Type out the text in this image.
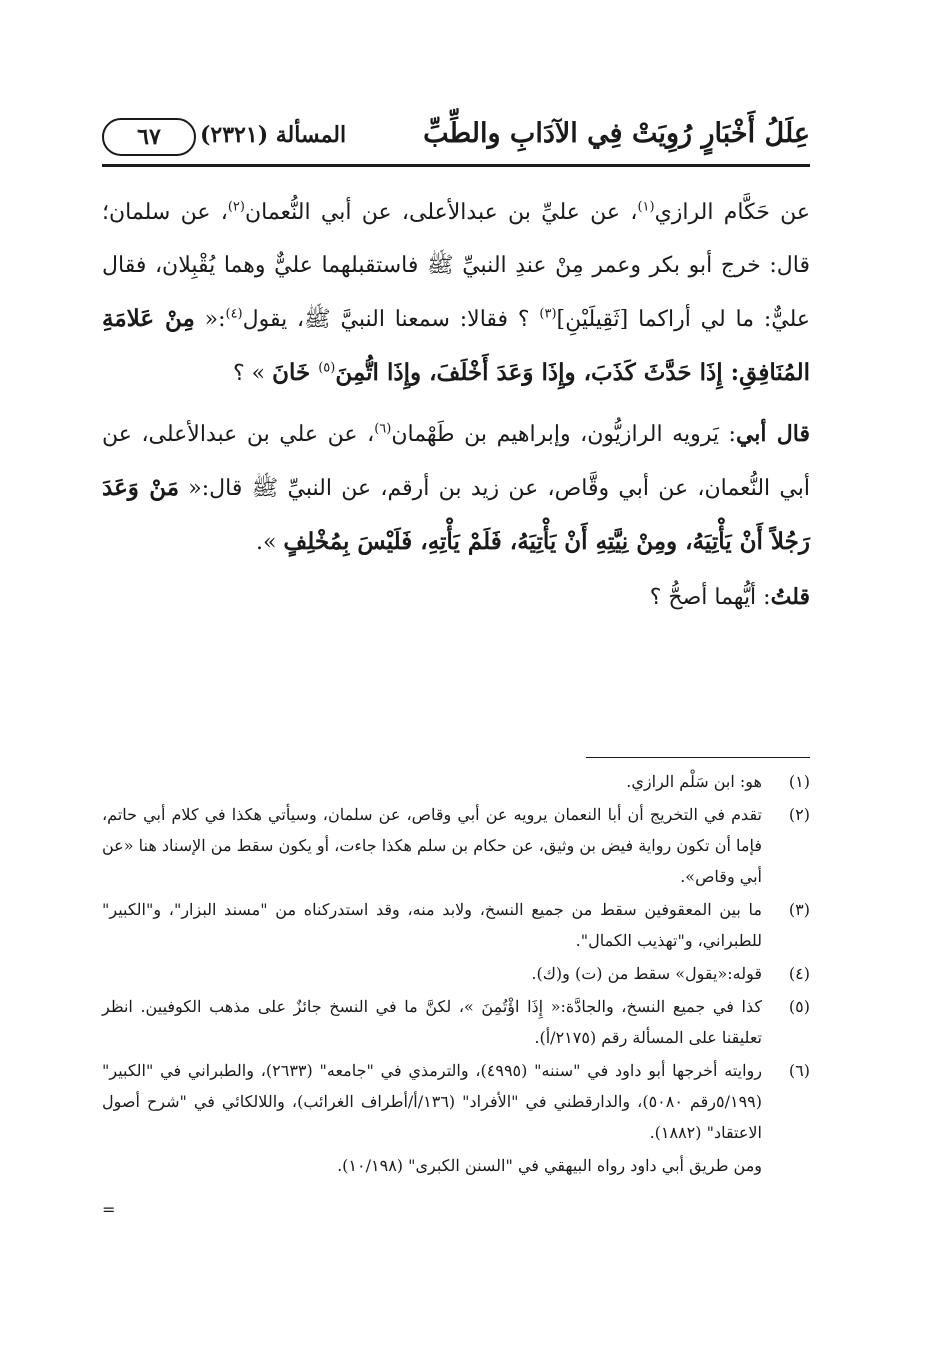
عِلَلُ أَخْبَارٍ رُوِيَتْ فِي الآدَابِ والطِّبِّ
المسألة (٢٣٢١)
٦٧

عن حَكَّام الرازي$^{(١)}$، عن عليِّ بن عبدالأعلى، عن أبي النُّعمان$^{(٢)}$، عن سلمان؛ قال: خرج أبو بكر وعمر مِنْ عندِ النبيِّ ﷺ فاستقبلهما عليٌّ وهما يُقْبِلان، فقال عليٌّ: ما لي أراكما [ثَقِيلَيْنِ]$^{(٣)}$ ؟ فقالا: سمعنا النبيَّ ﷺ، يقول$^{(٤)}$:« مِنْ عَلامَةِ المُنَافِقِ: إِذَا حَدَّثَ كَذَبَ، وإِذَا وَعَدَ أَخْلَفَ، وإِذَا اتُّمِنَ$^{(٥)}$ خَانَ » ؟

قال أبي: يَرويه الرازيُّون، وإبراهيم بن طَهْمان$^{(٦)}$، عن علي بن عبدالأعلى، عن أبي النُّعمان، عن أبي وقَّاص، عن زيد بن أرقم، عن النبيِّ ﷺ قال:« مَنْ وَعَدَ رَجُلاً أَنْ يَأْتِيَهُ، ومِنْ نِيَّتِهِ أَنْ يَأْتِيَهُ، فَلَمْ يَأْتِهِ، فَلَيْسَ بِمُخْلِفٍ ».

قلتُ: أيُّهما أصحُّ ؟

(١)
هو: ابن سَلْم الرازي.
(٢)
تقدم في التخريج أن أبا النعمان يرويه عن أبي وقاص، عن سلمان، وسيأتي هكذا في كلام أبي حاتم، فإما أن تكون رواية فيض بن وثيق، عن حكام بن سلم هكذا جاءت، أو يكون سقط من الإسناد هنا «عن أبي وقاص».
(٣)
ما بين المعقوفين سقط من جميع النسخ، ولابد منه، وقد استدركناه من "مسند البزار"، و"الكبير" للطبراني، و"تهذيب الكمال".
(٤)
قوله:«يقول» سقط من (ت) و(ك).
(٥)
كذا في جميع النسخ، والجادَّة:« إِذَا اؤْتُمِنَ »، لكنَّ ما في النسخ جائزٌ على مذهب الكوفيين. انظر تعليقنا على المسألة رقم (٢١٧٥/أ).
(٦)
روايته أخرجها أبو داود في "سننه" (٤٩٩٥)، والترمذي في "جامعه" (٢٦٣٣)، والطبراني في "الكبير" (٥/١٩٩رقم ٥٠٨٠)، والدارقطني في "الأفراد" (١٣٦/أ/أطراف الغرائب)، واللالكائي في "شرح أصول الاعتقاد" (١٨٨٢).
ومن طريق أبي داود رواه البيهقي في "السنن الكبرى" (١٠/١٩٨).
=
